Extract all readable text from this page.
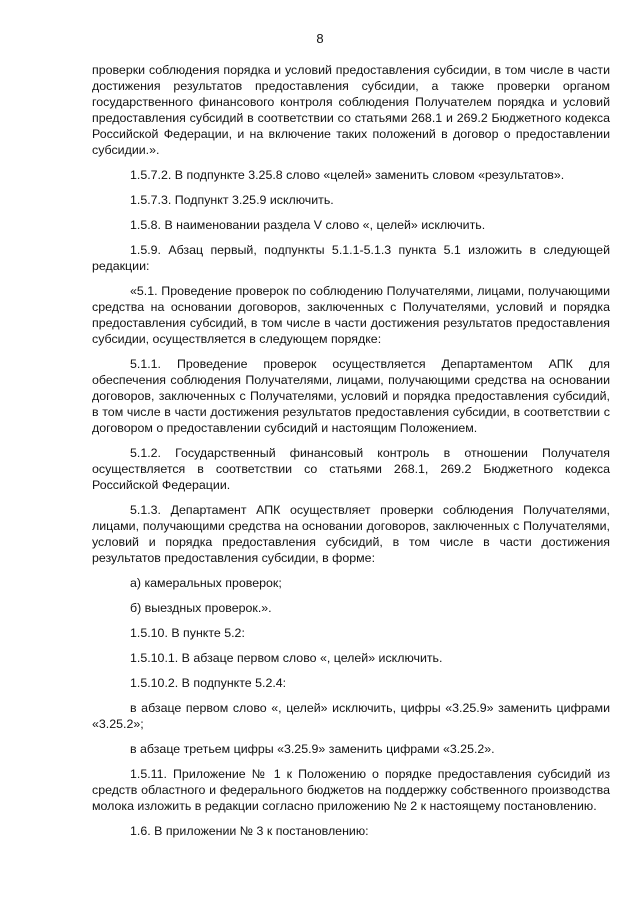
8

проверки соблюдения порядка и условий предоставления субсидии, в том числе в части достижения результатов предоставления субсидии, а также проверки органом государственного финансового контроля соблюдения Получателем порядка и условий предоставления субсидий в соответствии со статьями 268.1 и 269.2 Бюджетного кодекса Российской Федерации, и на включение таких положений в договор о предоставлении субсидии.».

1.5.7.2. В подпункте 3.25.8 слово «целей» заменить словом «результатов».

1.5.7.3. Подпункт 3.25.9 исключить.

1.5.8. В наименовании раздела V слово «, целей» исключить.

1.5.9. Абзац первый, подпункты 5.1.1-5.1.3 пункта 5.1 изложить в следующей редакции:

«5.1. Проведение проверок по соблюдению Получателями, лицами, получающими средства на основании договоров, заключенных с Получателями, условий и порядка предоставления субсидий, в том числе в части достижения результатов предоставления субсидии, осуществляется в следующем порядке:

5.1.1. Проведение проверок осуществляется Департаментом АПК для обеспечения соблюдения Получателями, лицами, получающими средства на основании договоров, заключенных с Получателями, условий и порядка предоставления субсидий, в том числе в части достижения результатов предоставления субсидии, в соответствии с договором о предоставлении субсидий и настоящим Положением.

5.1.2. Государственный финансовый контроль в отношении Получателя осуществляется в соответствии со статьями 268.1, 269.2 Бюджетного кодекса Российской Федерации.

5.1.3. Департамент АПК осуществляет проверки соблюдения Получателями, лицами, получающими средства на основании договоров, заключенных с Получателями, условий и порядка предоставления субсидий, в том числе в части достижения результатов предоставления субсидии, в форме:

а) камеральных проверок;

б) выездных проверок.».

1.5.10. В пункте 5.2:

1.5.10.1. В абзаце первом слово «, целей» исключить.

1.5.10.2. В подпункте 5.2.4:

в абзаце первом слово «, целей» исключить, цифры «3.25.9» заменить цифрами «3.25.2»;

в абзаце третьем цифры «3.25.9» заменить цифрами «3.25.2».

1.5.11. Приложение № 1 к Положению о порядке предоставления субсидий из средств областного и федерального бюджетов на поддержку собственного производства молока изложить в редакции согласно приложению № 2 к настоящему постановлению.

1.6. В приложении № 3 к постановлению:
